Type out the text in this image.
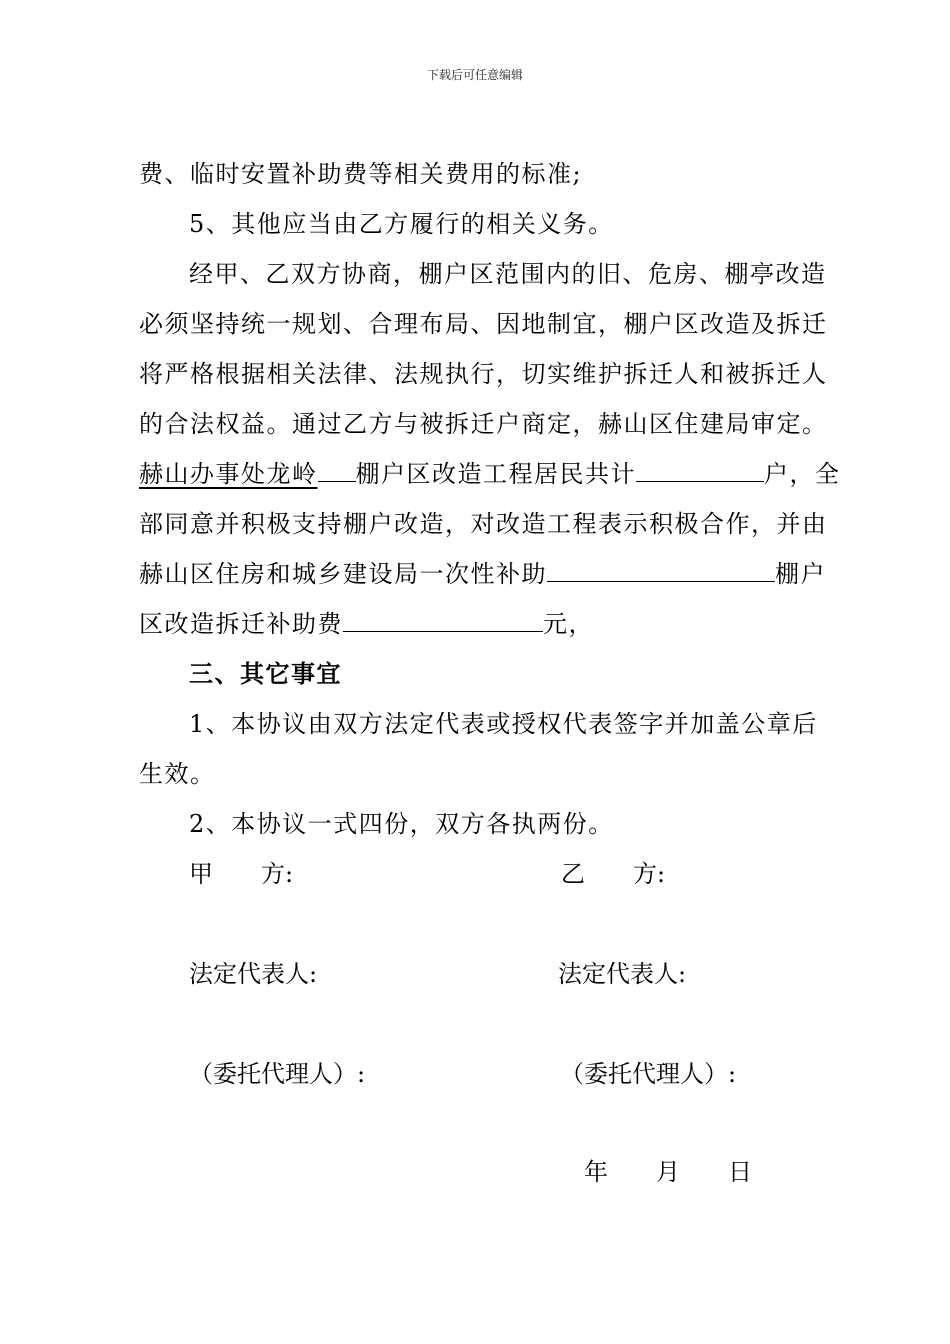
下载后可任意编辑
费、临时安置补助费等相关费用的标准;
5、其他应当由乙方履行的相关义务。
经甲、乙双方协商，棚户区范围内的旧、危房、棚亭改造
必须坚持统一规划、合理布局、因地制宜，棚户区改造及拆迁
将严格根据相关法律、法规执行，切实维护拆迁人和被拆迁人
的合法权益。通过乙方与被拆迁户商定，赫山区住建局审定。
赫山办事处龙岭 棚户区改造工程居民共计	户，全
部同意并积极支持棚户改造，对改造工程表示积极合作，并由
赫山区住房和城乡建设局一次性补助	棚户
区改造拆迁补助费	元，
三、其它事宜
1、本协议由双方法定代表或授权代表签字并加盖公章后
生效。
2、本协议一式四份，双方各执两份。
甲　　方:	乙　　方:
法定代表人:	法定代表人:
（委托代理人）:	（委托代理人）:
年　　月　　日
